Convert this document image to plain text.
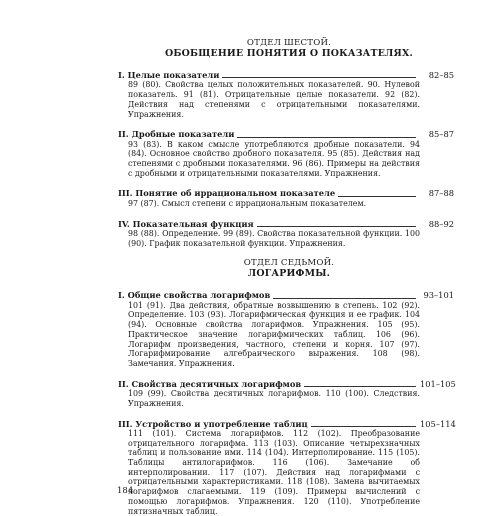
ОТДЕЛ ШЕСТОЙ.
ОБОБЩЕНИЕ ПОНЯТИЯ О ПОКАЗАТЕЛЯХ.
I. Целые показатели	82–85
89 (80). Свойства целых положительных показателей. 90. Нулевой показатель. 91 (81). Отрицательные целые показатели. 92 (82). Действия над степенями с отрицательными показателями. Упражнения.
II. Дробные показатели	85–87
93 (83). В каком смысле употребляются дробные показатели. 94 (84). Основное свойство дробного показателя. 95 (85). Действия над степенями с дробными показателями. 96 (86). Примеры на действия с дробными и отрицательными показателями. Упражнения.
III. Понятие об иррациональном показателе	87–88
97 (87). Смысл степени с иррациональным показателем.
IV. Показательная функция	88–92
98 (88). Определение. 99 (89). Свойства показательной функции. 100 (90). График показательной функции. Упражнения.
ОТДЕЛ СЕДЬМОЙ.
ЛОГАРИФМЫ.
I. Общие свойства логарифмов	93–101
101 (91). Два действия, обратные возвышению в степень. 102 (92). Определение. 103 (93). Логарифмическая функция и ее график. 104 (94). Основные свойства логарифмов. Упражнения. 105 (95). Практическое значение логарифмических таблиц. 106 (96). Логарифм произведения, частного, степени и корня. 107 (97). Логарифмирование алгебраического выражения. 108 (98). Замечания. Упражнения.
II. Свойства десятичных логарифмов	101–105
109 (99). Свойства десятичных логарифмов. 110 (100). Следствия. Упражнения.
III. Устройство и употребление таблиц	105–114
111 (101). Система логарифмов. 112 (102). Преобразование отрицательного логарифма. 113 (103). Описание четырехзначных таблиц и пользование ими. 114 (104). Интерполирование. 115 (105). Таблицы антилогарифмов. 116 (106). Замечание об интерполировании. 117 (107). Действия над логарифмами с отрицательными характеристиками. 118 (108). Замена вычитаемых логарифмов слагаемыми. 119 (109). Примеры вычислений с помощью логарифмов. Упражнения. 120 (110). Употребление пятизначных таблиц.
184
